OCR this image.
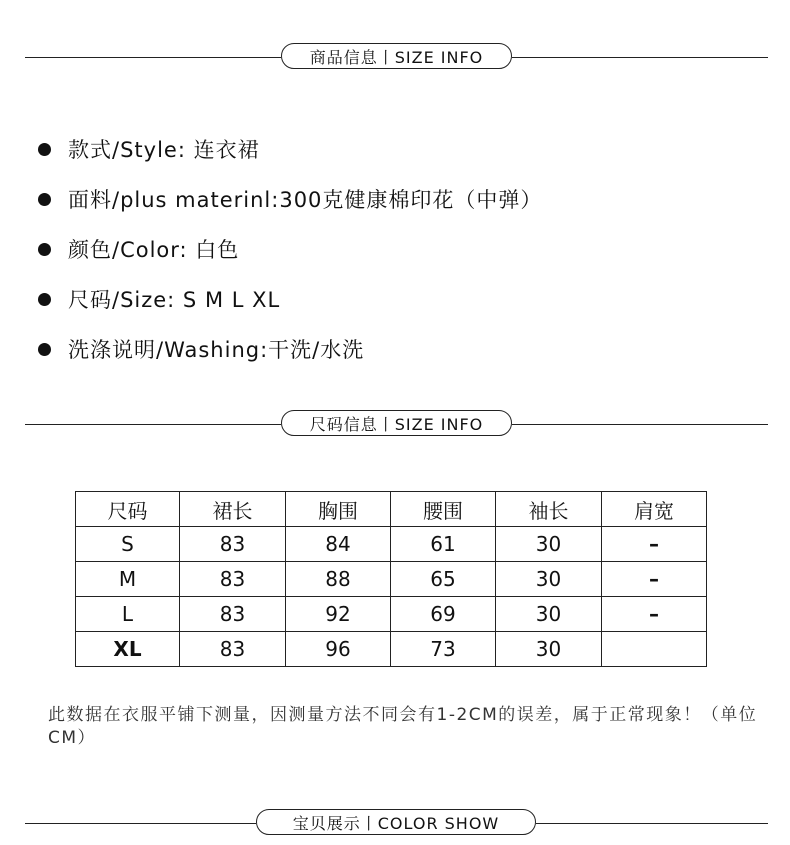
商品信息丨SIZE INFO
款式/Style: 连衣裙
面料/plus materinl:300克健康棉印花（中弹）
颜色/Color: 白色
尺码/Size: S M L XL
洗涤说明/Washing:干洗/水洗
尺码信息丨SIZE INFO
尺码	裙长	胸围	腰围	袖长	肩宽
S	83	84	61	30	–
M	83	88	65	30	–
L	83	92	69	30	–
XL	83	96	73	30	
此数据在衣服平铺下测量，因测量方法不同会有1-2CM的误差，属于正常现象！（单位CM）
宝贝展示丨COLOR SHOW
